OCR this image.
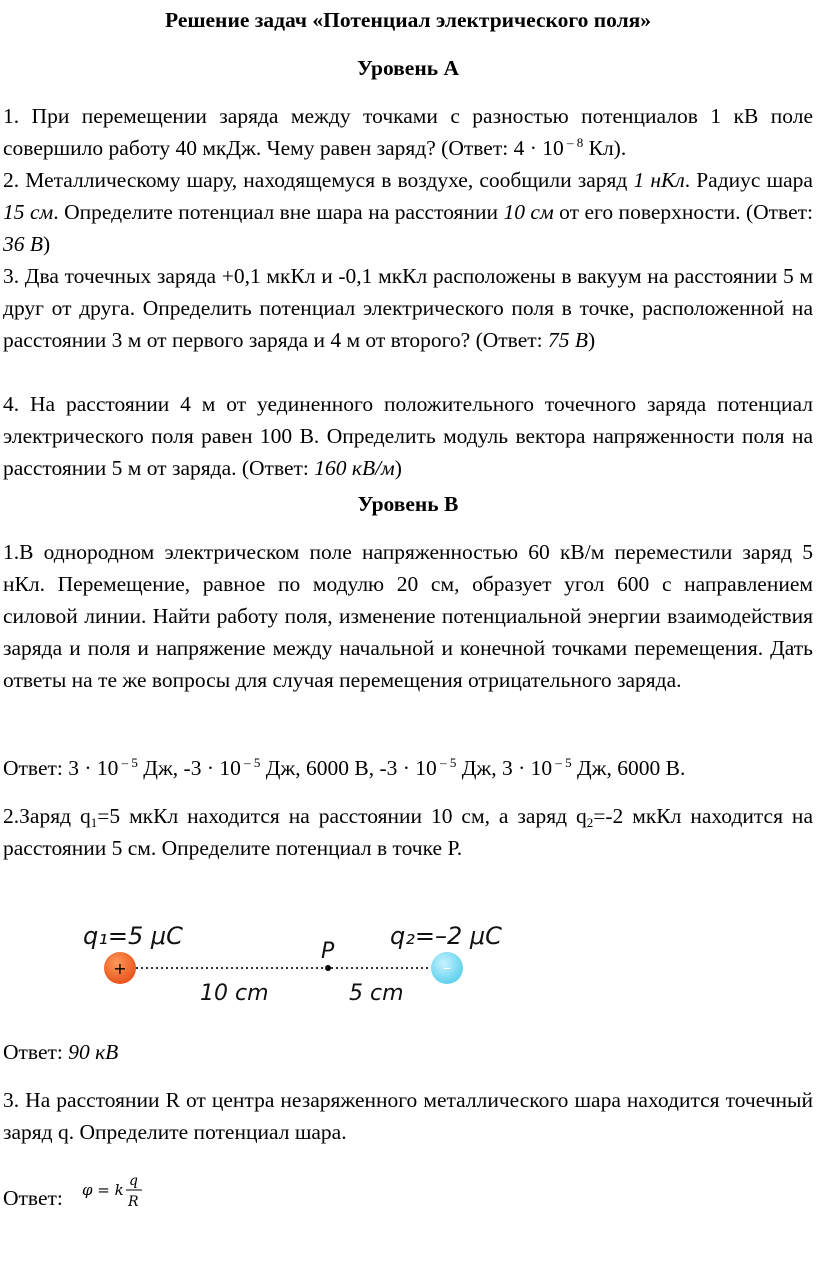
Решение задач «Потенциал электрического поля»
Уровень А
1. При перемещении заряда между точками с разностью потенциалов 1 кВ поле совершило работу 40 мкДж. Чему равен заряд? (Ответ: 4 · 10 $^{- 8}$ Кл).
2. Металлическому шару, находящемуся в воздухе, сообщили заряд 1 нКл. Радиус шара 15 см. Определите потенциал вне шара на расстоянии 10 см от его поверхности. (Ответ: 36 В)
3. Два точечных заряда +0,1 мкКл и -0,1 мкКл расположены в вакуум на расстоянии 5 м друг от друга. Определить потенциал электрического поля в точке, расположенной на расстоянии 3 м от первого заряда и 4 м от второго? (Ответ: 75 В)
4. На расстоянии 4 м от уединенного положительного точечного заряда потенциал электрического поля равен 100 В. Определить модуль вектора напряженности поля на расстоянии 5 м от заряда. (Ответ: 160 кВ/м)
Уровень В
1.В однородном электрическом поле напряженностью 60 кВ/м переместили заряд 5 нКл. Перемещение, равное по модулю 20 см, образует угол 600 с направлением силовой линии. Найти работу поля, изменение потенциальной энергии взаимодействия заряда и поля и напряжение между начальной и конечной точками перемещения. Дать ответы на те же вопросы для случая перемещения отрицательного заряда.
Ответ: 3 · 10 $^{- 5}$ Дж, -3 · 10 $^{- 5}$ Дж, 6000 В, -3 · 10 $^{- 5}$ Дж, 3 · 10 $^{- 5}$ Дж, 6000 В.
2.Заряд $q_1=5$ мкКл находится на расстоянии 10 см, а заряд $q_2=-2$ мкКл находится на расстоянии 5 см. Определите потенциал в точке Р.
+	–
q₁=5 μC	q₂=–2 μC
P
10 cm	5 cm
Ответ: 90 кВ
3. На расстоянии R от центра незаряженного металлического шара находится точечный заряд q. Определите потенциал шара.
Ответ:	φ = k q
R
